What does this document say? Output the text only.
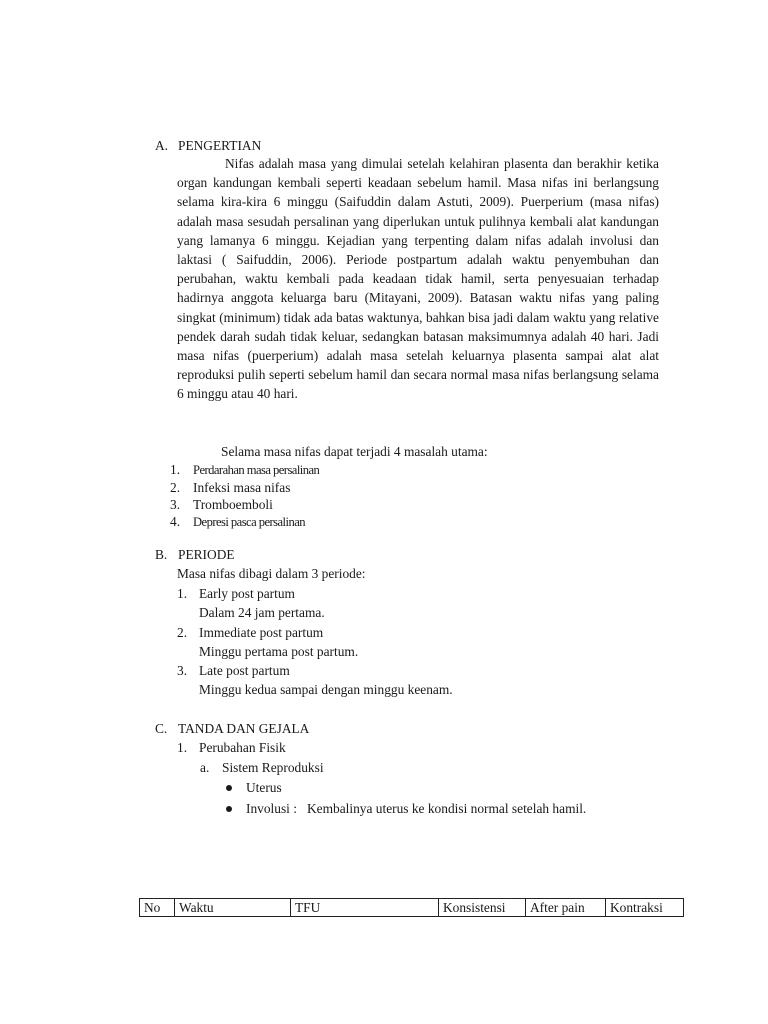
A. PENGERTIAN
Nifas adalah masa yang dimulai setelah kelahiran plasenta dan berakhir ketika organ kandungan kembali seperti keadaan sebelum hamil. Masa nifas ini berlangsung selama kira-kira 6 minggu (Saifuddin dalam Astuti, 2009). Puerperium (masa nifas) adalah masa sesudah persalinan yang diperlukan untuk pulihnya kembali alat kandungan yang lamanya 6 minggu. Kejadian yang terpenting dalam nifas adalah involusi dan laktasi ( Saifuddin, 2006). Periode postpartum adalah waktu penyembuhan dan perubahan, waktu kembali pada keadaan tidak hamil, serta penyesuaian terhadap hadirnya anggota keluarga baru (Mitayani, 2009). Batasan waktu nifas yang paling singkat (minimum) tidak ada batas waktunya, bahkan bisa jadi dalam waktu yang relative pendek darah sudah tidak keluar, sedangkan batasan maksimumnya adalah 40 hari. Jadi masa nifas (puerperium) adalah masa setelah keluarnya plasenta sampai alat alat reproduksi pulih seperti sebelum hamil dan secara normal masa nifas berlangsung selama 6 minggu atau 40 hari.
Selama masa nifas dapat terjadi 4 masalah utama:
1. Perdarahan masa persalinan
2. Infeksi masa nifas
3. Tromboemboli
4. Depresi pasca persalinan
B. PERIODE
Masa nifas dibagi dalam 3 periode:
1. Early post partum
Dalam 24 jam pertama.
2. Immediate post partum
Minggu pertama post partum.
3. Late post partum
Minggu kedua sampai dengan minggu keenam.
C. TANDA DAN GEJALA
1. Perubahan Fisik
a. Sistem Reproduksi
Uterus
Involusi :   Kembalinya uterus ke kondisi normal setelah hamil.
No	Waktu	TFU	Konsistensi	After pain	Kontraksi
